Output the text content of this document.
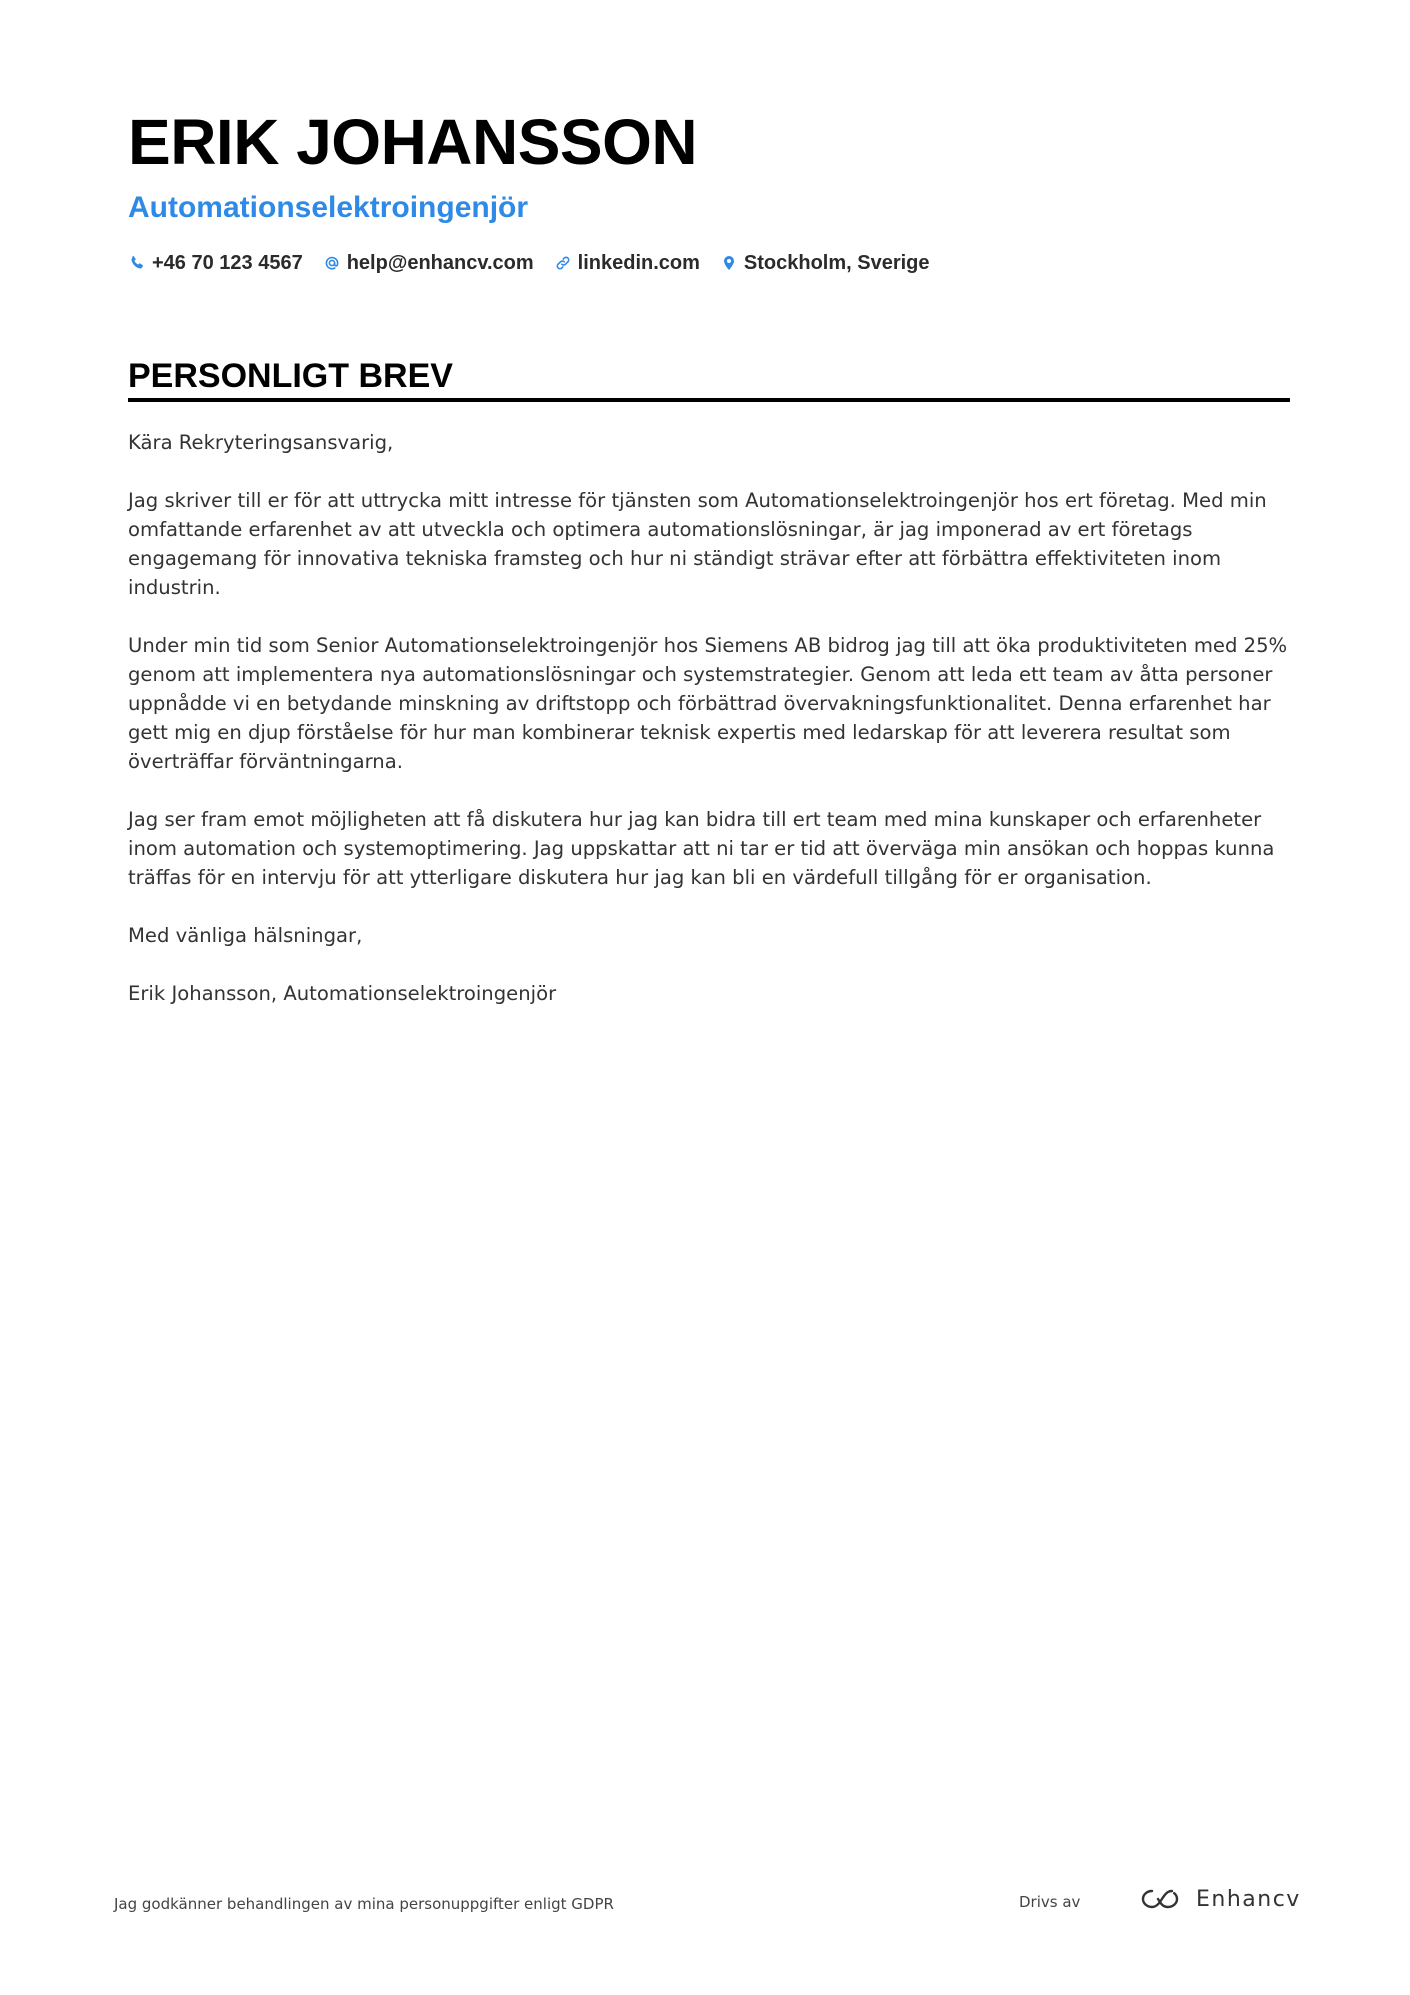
ERIK JOHANSSON
Automationselektroingenjör
+46 70 123 4567 help@enhancv.com linkedin.com Stockholm, Sverige
PERSONLIGT BREV

Kära Rekryteringsansvarig,

Jag skriver till er för att uttrycka mitt intresse för tjänsten som Automationselektroingenjör hos ert företag. Med min omfattande erfarenhet av att utveckla och optimera automationslösningar, är jag imponerad av ert företags engagemang för innovativa tekniska framsteg och hur ni ständigt strävar efter att förbättra effektiviteten inom industrin.

Under min tid som Senior Automationselektroingenjör hos Siemens AB bidrog jag till att öka produktiviteten med 25% genom att implementera nya automationslösningar och systemstrategier. Genom att leda ett team av åtta personer uppnådde vi en betydande minskning av driftstopp och förbättrad övervakningsfunktionalitet. Denna erfarenhet har gett mig en djup förståelse för hur man kombinerar teknisk expertis med ledarskap för att leverera resultat som överträffar förväntningarna.

Jag ser fram emot möjligheten att få diskutera hur jag kan bidra till ert team med mina kunskaper och erfarenheter inom automation och systemoptimering. Jag uppskattar att ni tar er tid att överväga min ansökan och hoppas kunna träffas för en intervju för att ytterligare diskutera hur jag kan bli en värdefull tillgång för er organisation.

Med vänliga hälsningar,

Erik Johansson, Automationselektroingenjör

Jag godkänner behandlingen av mina personuppgifter enligt GDPR	Drivs av	Enhancv
